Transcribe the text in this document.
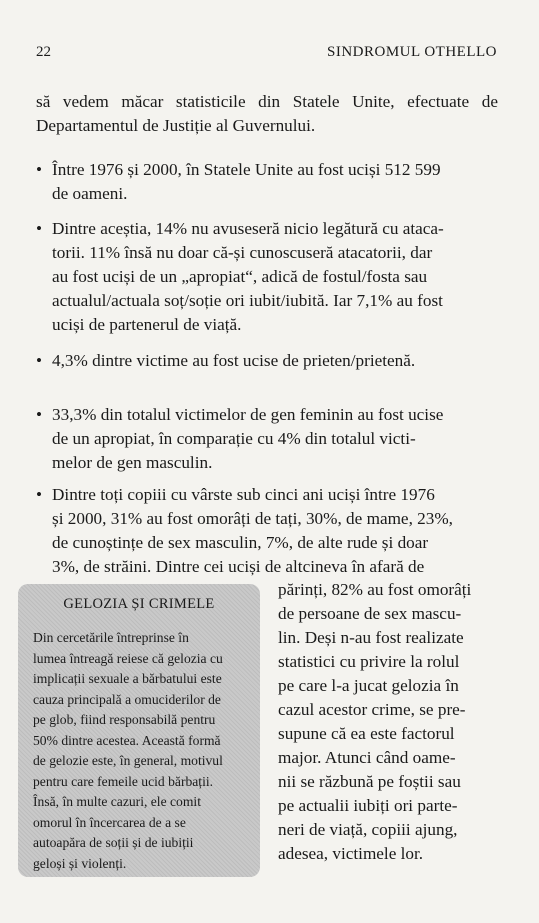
22	SINDROMUL OTHELLO
să vedem măcar statisticile din Statele Unite, efectuate de Departamentul de Justiție al Guvernului.
• Între 1976 și 2000, în Statele Unite au fost uciși 512 599
de oameni.
• Dintre aceștia, 14% nu avuseseră nicio legătură cu ataca-
torii. 11% însă nu doar că-și cunoscuseră atacatorii, dar
au fost uciși de un „apropiat“, adică de fostul/fosta sau
actualul/actuala soț/soție ori iubit/iubită. Iar 7,1% au fost
uciși de partenerul de viață.
• 4,3% dintre victime au fost ucise de prieten/prietenă.
• 33,3% din totalul victimelor de gen feminin au fost ucise
de un apropiat, în comparație cu 4% din totalul victi-
melor de gen masculin.
• Dintre toți copiii cu vârste sub cinci ani uciși între 1976
și 2000, 31% au fost omorâți de tați, 30%, de mame, 23%,
de cunoștințe de sex masculin, 7%, de alte rude și doar
3%, de străini. Dintre cei uciși de altcineva în afară de
GELOZIA ȘI CRIMELE
Din cercetările întreprinse în
lumea întreagă reiese că gelozia cu
implicații sexuale a bărbatului este
cauza principală a omuciderilor de
pe glob, fiind responsabilă pentru
50% dintre acestea. Această formă
de gelozie este, în general, motivul
pentru care femeile ucid bărbații.
Însă, în multe cazuri, ele comit
omorul în încercarea de a se
autoapăra de soții și de iubiții
geloși și violenți.

părinți, 82% au fost omorâți

de persoane de sex mascu-

lin. Deși n-au fost realizate

statistici cu privire la rolul

pe care l-a jucat gelozia în

cazul acestor crime, se pre-

supune că ea este factorul

major. Atunci când oame-

nii se răzbună pe foștii sau

pe actualii iubiți ori parte-

neri de viață, copiii ajung,

adesea, victimele lor.
